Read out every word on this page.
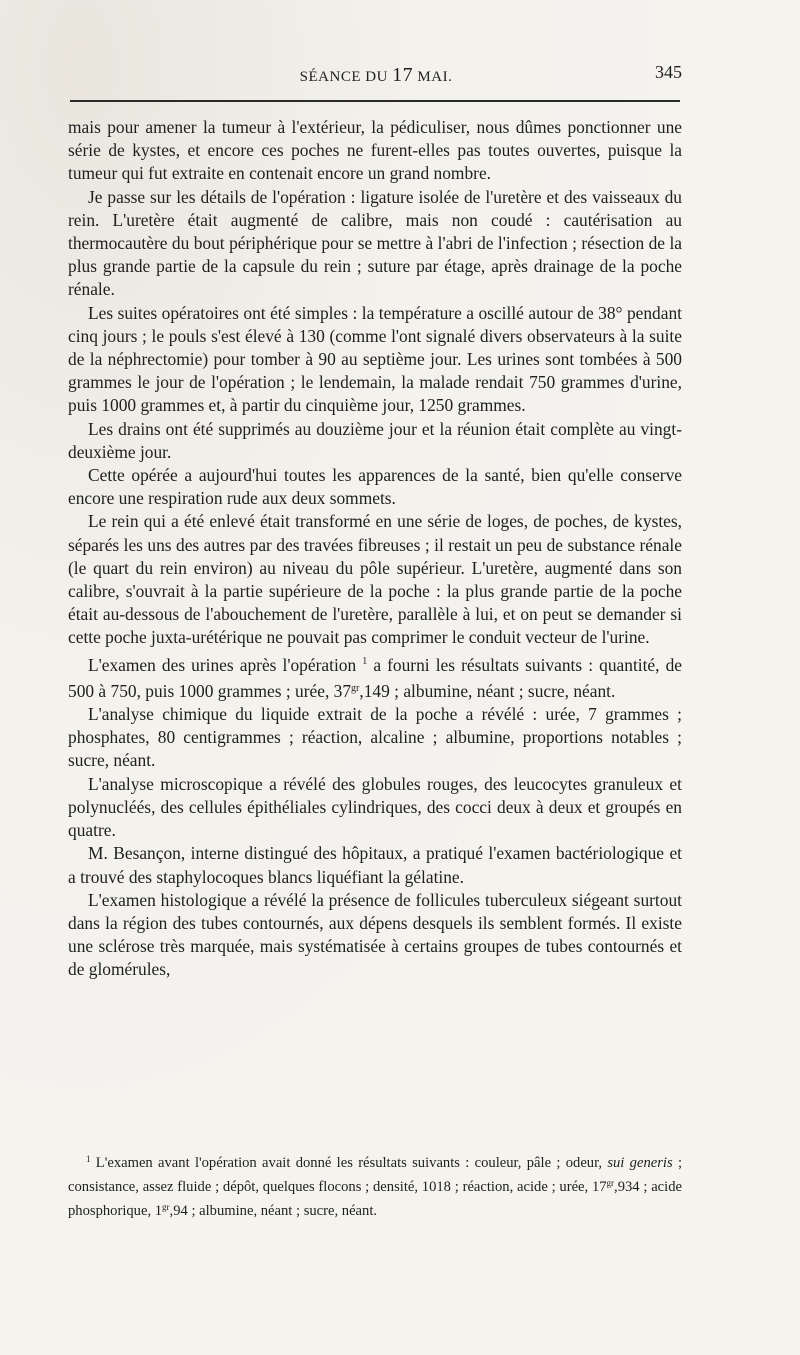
SÉANCE DU 17 MAI.	345

mais pour amener la tumeur à l'extérieur, la pédiculiser, nous dûmes ponctionner une série de kystes, et encore ces poches ne furent-elles pas toutes ouvertes, puisque la tumeur qui fut extraite en contenait encore un grand nombre.

Je passe sur les détails de l'opération : ligature isolée de l'uretère et des vaisseaux du rein. L'uretère était augmenté de calibre, mais non coudé : cautérisation au thermocautère du bout périphérique pour se mettre à l'abri de l'infection ; résection de la plus grande partie de la capsule du rein ; suture par étage, après drainage de la poche rénale.

Les suites opératoires ont été simples : la température a oscillé autour de 38° pendant cinq jours ; le pouls s'est élevé à 130 (comme l'ont signalé divers observateurs à la suite de la néphrectomie) pour tomber à 90 au septième jour. Les urines sont tombées à 500 grammes le jour de l'opération ; le lendemain, la malade rendait 750 grammes d'urine, puis 1000 grammes et, à partir du cinquième jour, 1250 grammes.

Les drains ont été supprimés au douzième jour et la réunion était complète au vingt-deuxième jour.

Cette opérée a aujourd'hui toutes les apparences de la santé, bien qu'elle conserve encore une respiration rude aux deux sommets.

Le rein qui a été enlevé était transformé en une série de loges, de poches, de kystes, séparés les uns des autres par des travées fibreuses ; il restait un peu de substance rénale (le quart du rein environ) au niveau du pôle supérieur. L'uretère, augmenté dans son calibre, s'ouvrait à la partie supérieure de la poche : la plus grande partie de la poche était au-dessous de l'abouchement de l'uretère, parallèle à lui, et on peut se demander si cette poche juxta-urétérique ne pouvait pas comprimer le conduit vecteur de l'urine.

L'examen des urines après l'opération $^1$ a fourni les résultats suivants : quantité, de 500 à 750, puis 1000 grammes ; urée, $37^{gr},149$ ; albumine, néant ; sucre, néant.

L'analyse chimique du liquide extrait de la poche a révélé : urée, 7 grammes ; phosphates, 80 centigrammes ; réaction, alcaline ; albumine, proportions notables ; sucre, néant.

L'analyse microscopique a révélé des globules rouges, des leucocytes granuleux et polynucléés, des cellules épithéliales cylindriques, des cocci deux à deux et groupés en quatre.

M. Besançon, interne distingué des hôpitaux, a pratiqué l'examen bactériologique et a trouvé des staphylocoques blancs liquéfiant la gélatine.

L'examen histologique a révélé la présence de follicules tuberculeux siégeant surtout dans la région des tubes contournés, aux dépens desquels ils semblent formés. Il existe une sclérose très marquée, mais systématisée à certains groupes de tubes contournés et de glomérules,

$^1$ L'examen avant l'opération avait donné les résultats suivants : couleur, pâle ; odeur, sui generis ; consistance, assez fluide ; dépôt, quelques flocons ; densité, 1018 ; réaction, acide ; urée, $17^{gr},934$ ; acide phosphorique, $1^{gr},94$ ; albumine, néant ; sucre, néant.
